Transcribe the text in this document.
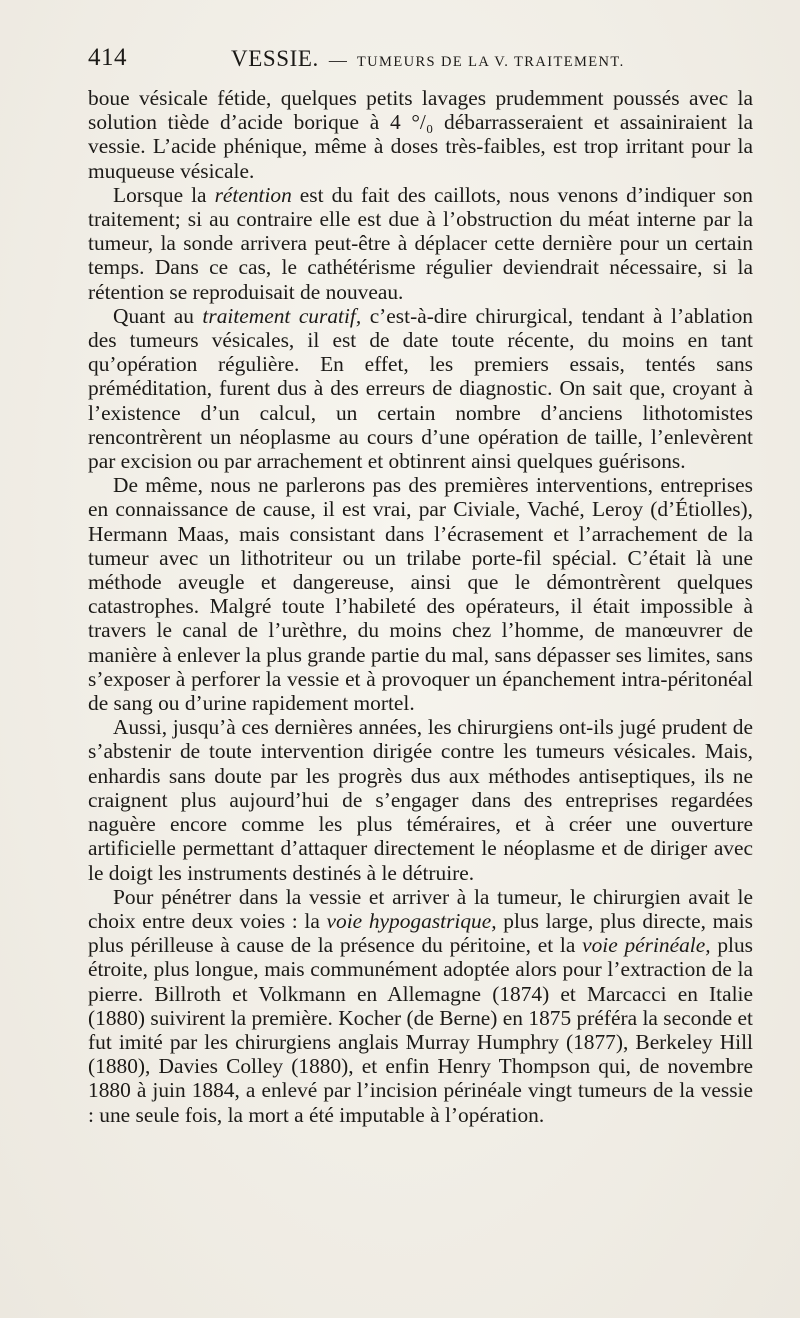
414	VESSIE. — TUMEURS DE LA V. TRAITEMENT.

boue vésicale fétide, quelques petits lavages prudemment poussés avec la solution tiède d’acide borique à 4 °/₀ débarrasseraient et assainiraient la vessie. L’acide phénique, même à doses très-faibles, est trop irritant pour la muqueuse vésicale.

Lorsque la rétention est du fait des caillots, nous venons d’indiquer son traitement; si au contraire elle est due à l’obstruction du méat interne par la tumeur, la sonde arrivera peut-être à déplacer cette dernière pour un certain temps. Dans ce cas, le cathétérisme régulier deviendrait nécessaire, si la rétention se reproduisait de nouveau.

Quant au traitement curatif, c’est-à-dire chirurgical, tendant à l’ablation des tumeurs vésicales, il est de date toute récente, du moins en tant qu’opération régulière. En effet, les premiers essais, tentés sans préméditation, furent dus à des erreurs de diagnostic. On sait que, croyant à l’existence d’un calcul, un certain nombre d’anciens lithotomistes rencontrèrent un néoplasme au cours d’une opération de taille, l’enlevèrent par excision ou par arrachement et obtinrent ainsi quelques guérisons.

De même, nous ne parlerons pas des premières interventions, entreprises en connaissance de cause, il est vrai, par Civiale, Vaché, Leroy (d’Étiolles), Hermann Maas, mais consistant dans l’écrasement et l’arrachement de la tumeur avec un lithotriteur ou un trilabe porte-fil spécial. C’était là une méthode aveugle et dangereuse, ainsi que le démontrèrent quelques catastrophes. Malgré toute l’habileté des opérateurs, il était impossible à travers le canal de l’urèthre, du moins chez l’homme, de manœuvrer de manière à enlever la plus grande partie du mal, sans dépasser ses limites, sans s’exposer à perforer la vessie et à provoquer un épanchement intra-péritonéal de sang ou d’urine rapidement mortel.

Aussi, jusqu’à ces dernières années, les chirurgiens ont-ils jugé prudent de s’abstenir de toute intervention dirigée contre les tumeurs vésicales. Mais, enhardis sans doute par les progrès dus aux méthodes antiseptiques, ils ne craignent plus aujourd’hui de s’engager dans des entreprises regardées naguère encore comme les plus téméraires, et à créer une ouverture artificielle permettant d’attaquer directement le néoplasme et de diriger avec le doigt les instruments destinés à le détruire.

Pour pénétrer dans la vessie et arriver à la tumeur, le chirurgien avait le choix entre deux voies : la voie hypogastrique, plus large, plus directe, mais plus périlleuse à cause de la présence du péritoine, et la voie périnéale, plus étroite, plus longue, mais communément adoptée alors pour l’extraction de la pierre. Billroth et Volkmann en Allemagne (1874) et Marcacci en Italie (1880) suivirent la première. Kocher (de Berne) en 1875 préféra la seconde et fut imité par les chirurgiens anglais Murray Humphry (1877), Berkeley Hill (1880), Davies Colley (1880), et enfin Henry Thompson qui, de novembre 1880 à juin 1884, a enlevé par l’incision périnéale vingt tumeurs de la vessie : une seule fois, la mort a été imputable à l’opération.
